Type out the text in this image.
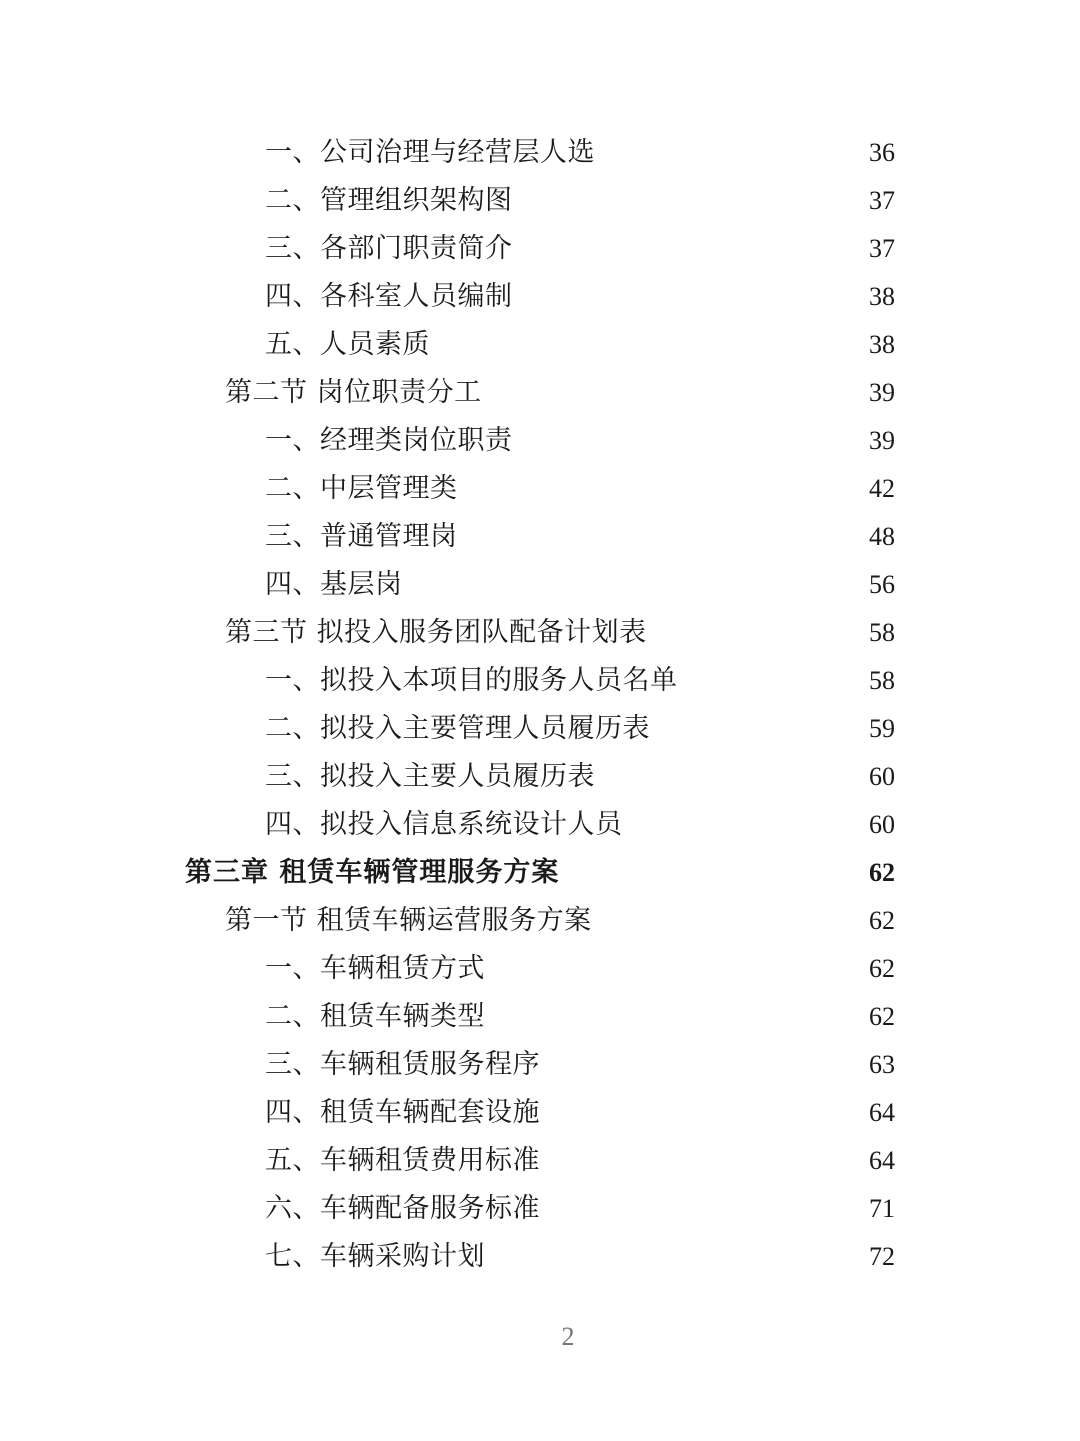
一、公司治理与经营层人选	36
二、管理组织架构图	37
三、各部门职责简介	37
四、各科室人员编制	38
五、人员素质	38
第二节 岗位职责分工	39
一、经理类岗位职责	39
二、中层管理类	42
三、普通管理岗	48
四、基层岗	56
第三节 拟投入服务团队配备计划表	58
一、拟投入本项目的服务人员名单	58
二、拟投入主要管理人员履历表	59
三、拟投入主要人员履历表	60
四、拟投入信息系统设计人员	60
第三章 租赁车辆管理服务方案	62
第一节 租赁车辆运营服务方案	62
一、车辆租赁方式	62
二、租赁车辆类型	62
三、车辆租赁服务程序	63
四、租赁车辆配套设施	64
五、车辆租赁费用标准	64
六、车辆配备服务标准	71
七、车辆采购计划	72
2
